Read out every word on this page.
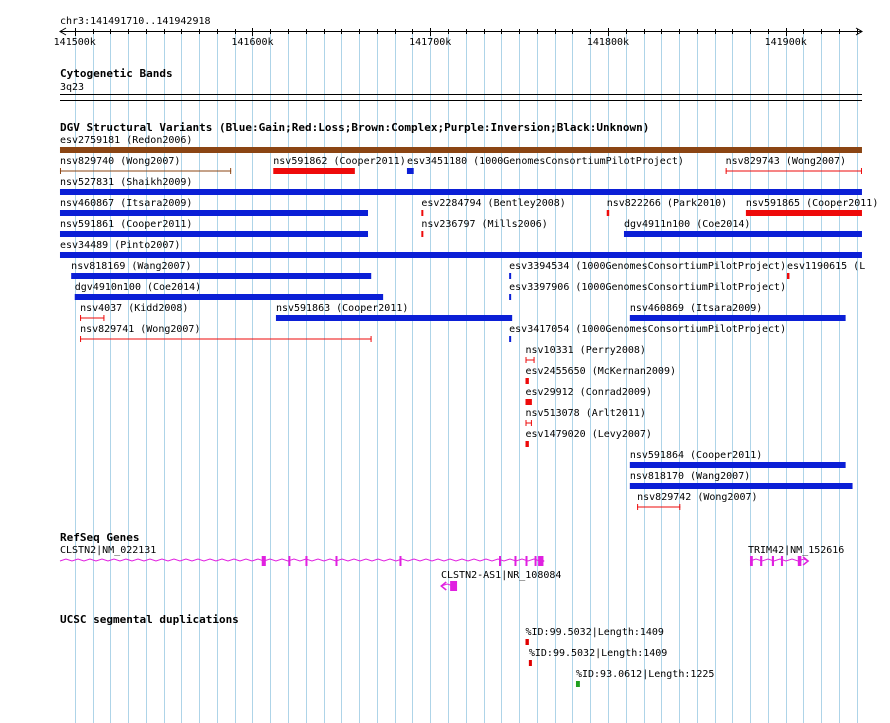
chr3:141491710..141942918
141500k	141600k	141700k	141800k	141900k
Cytogenetic Bands
3q23
DGV Structural Variants (Blue:Gain;Red:Loss;Brown:Complex;Purple:Inversion;Black:Unknown)
esv2759181 (Redon2006)
nsv829740 (Wong2007)	nsv591862 (Cooper2011) esv3451180 (1000GenomesConsortiumPilotProject)	nsv829743 (Wong2007)
nsv527831 (Shaikh2009)
nsv460867 (Itsara2009)	esv2284794 (Bentley2008)	nsv822266 (Park2010) nsv591865 (Cooper2011)
nsv591861 (Cooper2011)	nsv236797 (Mills2006)	dgv4911n100 (Coe2014)
esv34489 (Pinto2007)
nsv818169 (Wang2007)	esv3394534 (1000GenomesConsortiumPilotProject) esv1190615 (L
dgv4910n100 (Coe2014)	esv3397906 (1000GenomesConsortiumPilotProject)
nsv4037 (Kidd2008)	nsv591863 (Cooper2011)	nsv460869 (Itsara2009)
nsv829741 (Wong2007)	esv3417054 (1000GenomesConsortiumPilotProject)
nsv10331 (Perry2008)
esv2455650 (McKernan2009)
esv29912 (Conrad2009)
nsv513078 (Arlt2011)
esv1479020 (Levy2007)
nsv591864 (Cooper2011)
nsv818170 (Wang2007)
nsv829742 (Wong2007)
RefSeq Genes
CLSTN2|NM_022131
CLSTN2-AS1|NR_108084
TRIM42|NM_152616
UCSC segmental duplications
%ID:99.5032|Length:1409
%ID:99.5032|Length:1409
%ID:93.0612|Length:1225
